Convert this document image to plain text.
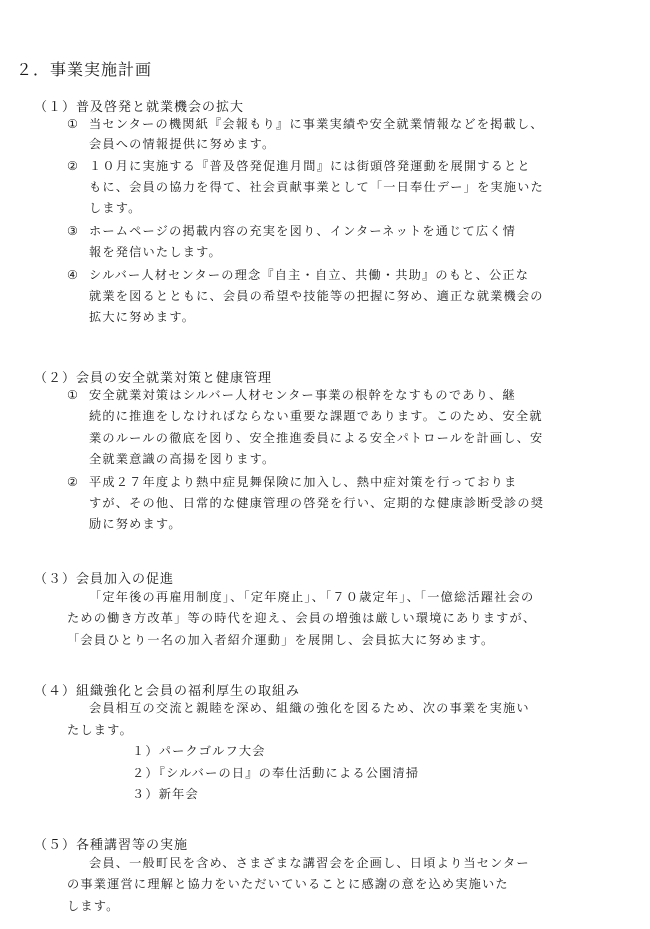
２．事業実施計画
（１）普及啓発と就業機会の拡大
① 当センターの機関紙『会報もり』に事業実績や安全就業情報などを掲載し、
会員への情報提供に努めます。
② １０月に実施する『普及啓発促進月間』には街頭啓発運動を展開するとと
もに、会員の協力を得て、社会貢献事業として「一日奉仕デー」を実施いた
します。
③ ホームページの掲載内容の充実を図り、インターネットを通じて広く情
報を発信いたします。
④ シルバー人材センターの理念『自主・自立、共働・共助』のもと、公正な
就業を図るとともに、会員の希望や技能等の把握に努め、適正な就業機会の
拡大に努めます。
（２）会員の安全就業対策と健康管理
① 安全就業対策はシルバー人材センター事業の根幹をなすものであり、継
続的に推進をしなければならない重要な課題であります。このため、安全就
業のルールの徹底を図り、安全推進委員による安全パトロールを計画し、安
全就業意識の高揚を図ります。
② 平成２７年度より熱中症見舞保険に加入し、熱中症対策を行っておりま
すが、その他、日常的な健康管理の啓発を行い、定期的な健康診断受診の奨
励に努めます。
（３）会員加入の促進
「定年後の再雇用制度」、「定年廃止」、「７０歳定年」、「一億総活躍社会の
ための働き方改革」等の時代を迎え、会員の増強は厳しい環境にありますが、
「会員ひとり一名の加入者紹介運動」を展開し、会員拡大に努めます。
（４）組織強化と会員の福利厚生の取組み
会員相互の交流と親睦を深め、組織の強化を図るため、次の事業を実施い
たします。
１）パークゴルフ大会
２）『シルバーの日』の奉仕活動による公園清掃
３）新年会
（５）各種講習等の実施
会員、一般町民を含め、さまざまな講習会を企画し、日頃より当センター
の事業運営に理解と協力をいただいていることに感謝の意を込め実施いた
します。
